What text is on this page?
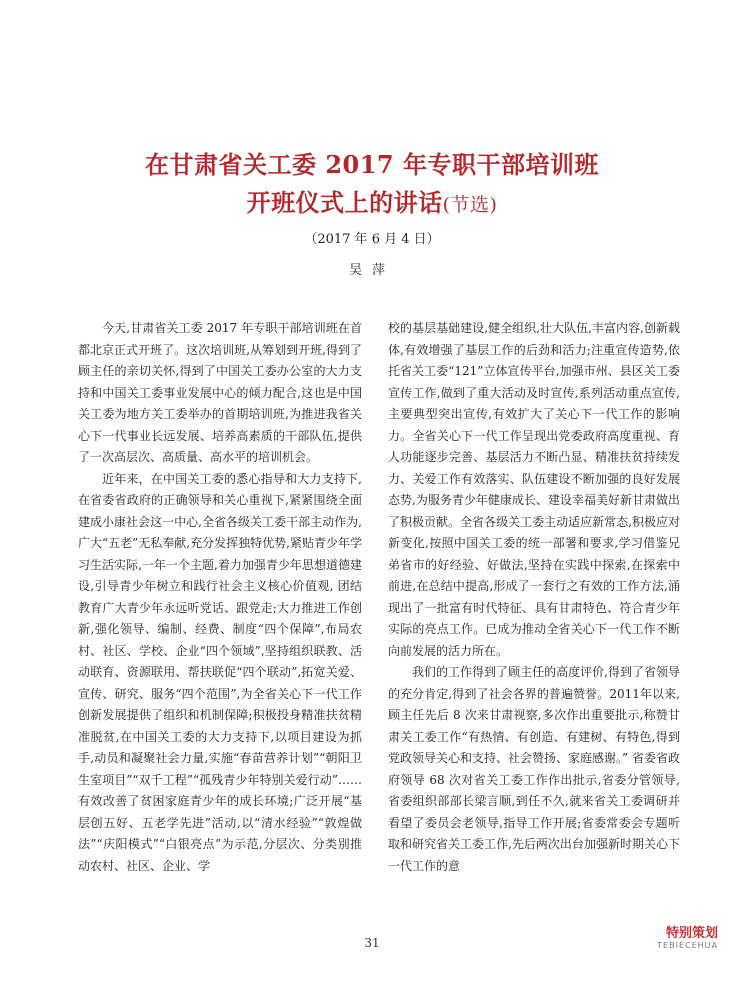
在甘肃省关工委 2017 年专职干部培训班
开班仪式上的讲话(节选)
（2017 年 6 月 4 日）
吴萍

今天,甘肃省关工委 2017 年专职干部培训班在首都北京正式开班了。这次培训班,从筹划到开班,得到了顾主任的亲切关怀,得到了中国关工委办公室的大力支持和中国关工委事业发展中心的倾力配合,这也是中国关工委为地方关工委举办的首期培训班,为推进我省关心下一代事业长远发展、培养高素质的干部队伍,提供了一次高层次、高质量、高水平的培训机会。

近年来，在中国关工委的悉心指导和大力支持下,在省委省政府的正确领导和关心重视下,紧紧围绕全面建成小康社会这一中心,全省各级关工委干部主动作为,广大“五老”无私奉献,充分发挥独特优势,紧贴青少年学习生活实际,一年一个主题,着力加强青少年思想道德建设,引导青少年树立和践行社会主义核心价值观, 团结教育广大青少年永远听党话、跟党走;大力推进工作创新,强化领导、编制、经费、制度“四个保障”,布局农村、社区、学校、企业“四个领域”,坚持组织联教、活动联育、资源联用、帮扶联促“四个联动”,拓宽关爱、宣传、研究、服务“四个范围”,为全省关心下一代工作创新发展提供了组织和机制保障;积极投身精准扶贫精准脱贫,在中国关工委的大力支持下,以项目建设为抓手,动员和凝聚社会力量,实施“春苗营养计划”“朝阳卫生室项目”“双千工程”“孤残青少年特别关爱行动”……有效改善了贫困家庭青少年的成长环境;广泛开展“基层创五好、五老学先进”活动,以“清水经验”“敦煌做法”“庆阳模式”“白银亮点”为示范,分层次、分类别推动农村、社区、企业、学

校的基层基础建设,健全组织,壮大队伍,丰富内容,创新载体,有效增强了基层工作的后劲和活力;注重宣传造势,依托省关工委“121”立体宣传平台,加强市州、县区关工委宣传工作,做到了重大活动及时宣传,系列活动重点宣传,主要典型突出宣传,有效扩大了关心下一代工作的影响力。全省关心下一代工作呈现出党委政府高度重视、育人功能逐步完善、基层活力不断凸显、精准扶贫持续发力、关爱工作有效落实、队伍建设不断加强的良好发展态势,为服务青少年健康成长、建设幸福美好新甘肃做出了积极贡献。全省各级关工委主动适应新常态,积极应对新变化,按照中国关工委的统一部署和要求,学习借鉴兄弟省市的好经验、好做法,坚持在实践中探索,在探索中前进,在总结中提高,形成了一套行之有效的工作方法,涌现出了一批富有时代特征、具有甘肃特色、符合青少年实际的亮点工作。已成为推动全省关心下一代工作不断向前发展的活力所在。

我们的工作得到了顾主任的高度评价,得到了省领导的充分肯定,得到了社会各界的普遍赞誉。2011年以来,顾主任先后 8 次来甘肃视察,多次作出重要批示,称赞甘肃关工委工作“有热情、有创造、有建树、有特色,得到党政领导关心和支持、社会赞扬、家庭感谢。” 省委省政府领导 68 次对省关工委工作作出批示,省委分管领导,省委组织部部长梁言顺,到任不久,就来省关工委调研并看望了委员会老领导,指导工作开展;省委常委会专题听取和研究省关工委工作,先后两次出台加强新时期关心下一代工作的意

31
特别策划
TEBIECEHUA
